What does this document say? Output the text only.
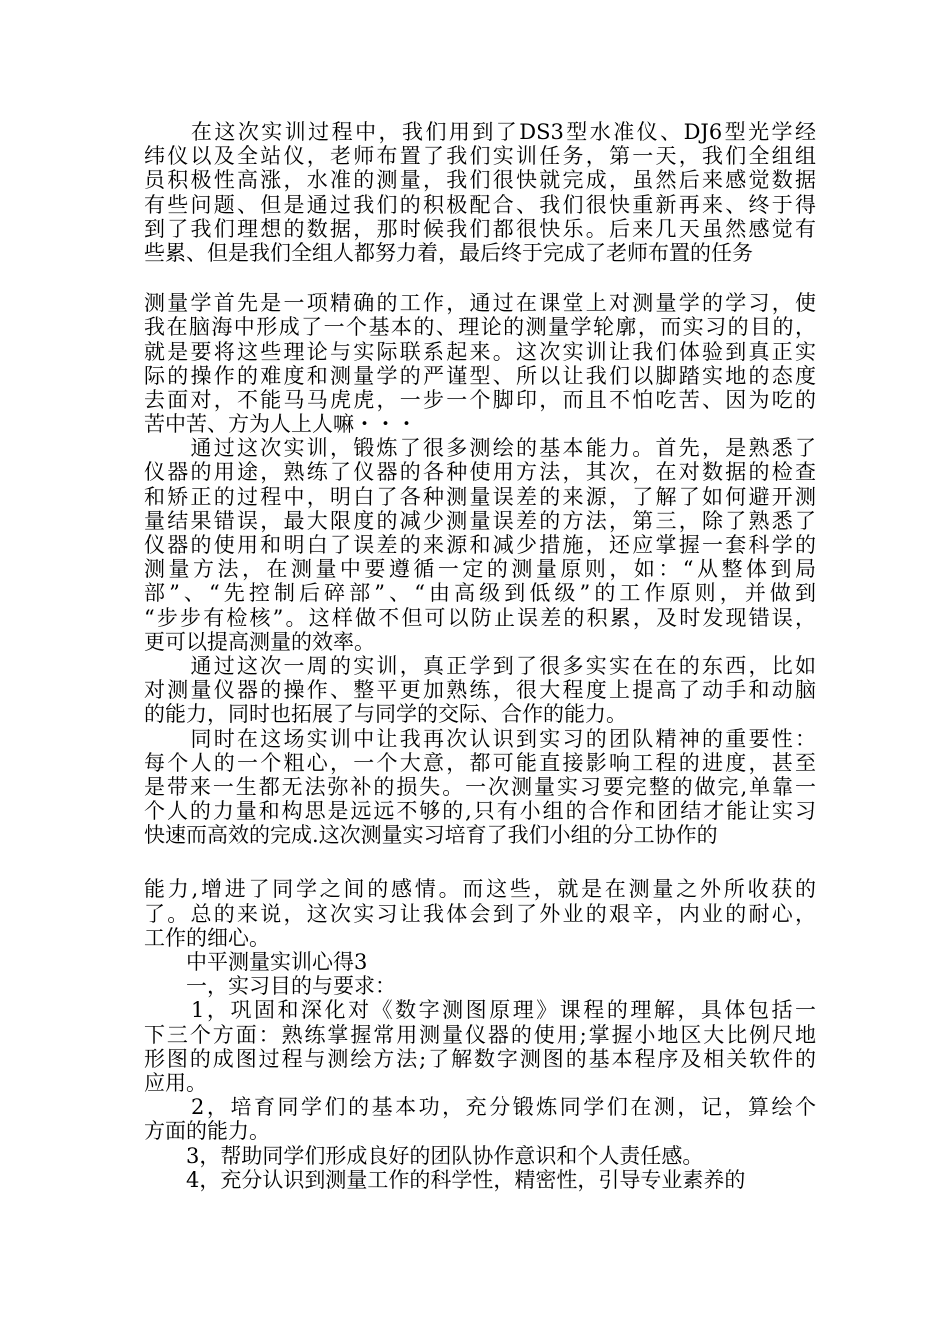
　　在这次实训过程中，我们用到了DS3型水准仪、DJ6型光学经
纬仪以及全站仪，老师布置了我们实训任务，第一天，我们全组组
员积极性高涨，水准的测量，我们很快就完成，虽然后来感觉数据
有些问题、但是通过我们的积极配合、我们很快重新再来、终于得
到了我们理想的数据，那时候我们都很快乐。后来几天虽然感觉有
些累、但是我们全组人都努力着，最后终于完成了老师布置的任务
测量学首先是一项精确的工作，通过在课堂上对测量学的学习，使
我在脑海中形成了一个基本的、理论的测量学轮廓，而实习的目的，
就是要将这些理论与实际联系起来。这次实训让我们体验到真正实
际的操作的难度和测量学的严谨型、所以让我们以脚踏实地的态度
去面对，不能马马虎虎，一步一个脚印，而且不怕吃苦、因为吃的
苦中苦、方为人上人嘛・・・
　　通过这次实训，锻炼了很多测绘的基本能力。首先，是熟悉了
仪器的用途，熟练了仪器的各种使用方法，其次，在对数据的检查
和矫正的过程中，明白了各种测量误差的来源，了解了如何避开测
量结果错误，最大限度的减少测量误差的方法，第三，除了熟悉了
仪器的使用和明白了误差的来源和减少措施，还应掌握一套科学的
测量方法，在测量中要遵循一定的测量原则，如：“从整体到局
部”、“先控制后碎部”、“由高级到低级”的工作原则，并做到
“步步有检核”。这样做不但可以防止误差的积累，及时发现错误，
更可以提高测量的效率。
　　通过这次一周的实训，真正学到了很多实实在在的东西，比如
对测量仪器的操作、整平更加熟练，很大程度上提高了动手和动脑
的能力，同时也拓展了与同学的交际、合作的能力。
　　同时在这场实训中让我再次认识到实习的团队精神的重要性：
每个人的一个粗心，一个大意，都可能直接影响工程的进度，甚至
是带来一生都无法弥补的损失。一次测量实习要完整的做完,单靠一
个人的力量和构思是远远不够的,只有小组的合作和团结才能让实习
快速而高效的完成.这次测量实习培育了我们小组的分工协作的
能力,增进了同学之间的感情。而这些，就是在测量之外所收获的
了。总的来说，这次实习让我体会到了外业的艰辛，内业的耐心，
工作的细心。
　　中平测量实训心得3
　　一，实习目的与要求：
　　1，巩固和深化对《数字测图原理》课程的理解，具体包括一
下三个方面：熟练掌握常用测量仪器的使用;掌握小地区大比例尺地
形图的成图过程与测绘方法;了解数字测图的基本程序及相关软件的
应用。
　　2，培育同学们的基本功，充分锻炼同学们在测，记，算绘个
方面的能力。
　　3，帮助同学们形成良好的团队协作意识和个人责任感。
　　4，充分认识到测量工作的科学性，精密性，引导专业素养的
